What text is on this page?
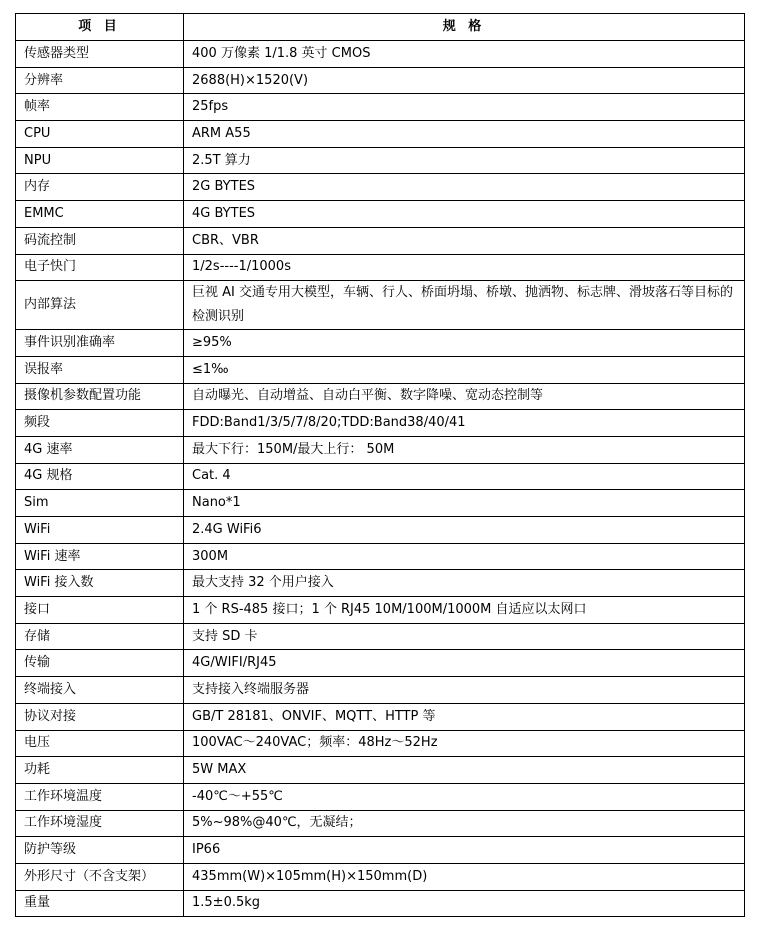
项 目	规 格
传感器类型	400 万像素 1/1.8 英寸 CMOS
分辨率	2688(H)×1520(V)
帧率	25fps
CPU	ARM A55
NPU	2.5T 算力
内存	2G BYTES
EMMC	4G BYTES
码流控制	CBR、VBR
电子快门	1/2s----1/1000s
内部算法	巨视 AI 交通专用大模型，车辆、行人、桥面坍塌、桥墩、抛洒物、标志牌、滑坡落石等目标的检测识别
事件识别准确率	≥95%
误报率	≤1‰
摄像机参数配置功能	自动曝光、自动增益、自动白平衡、数字降噪、宽动态控制等
频段	FDD:Band1/3/5/7/8/20;TDD:Band38/40/41
4G 速率	最大下行：150M/最大上行： 50M
4G 规格	Cat. 4
Sim	Nano*1
WiFi	2.4G WiFi6
WiFi 速率	300M
WiFi 接入数	最大支持 32 个用户接入
接口	1 个 RS-485 接口；1 个 RJ45 10M/100M/1000M 自适应以太网口
存储	支持 SD 卡
传输	4G/WIFI/RJ45
终端接入	支持接入终端服务器
协议对接	GB/T 28181、ONVIF、MQTT、HTTP 等
电压	100VAC～240VAC；频率：48Hz～52Hz
功耗	5W MAX
工作环境温度	-40℃～+55℃
工作环境湿度	5%~98%@40℃，无凝结；
防护等级	IP66
外形尺寸（不含支架）	435mm(W)×105mm(H)×150mm(D)
重量	1.5±0.5kg
